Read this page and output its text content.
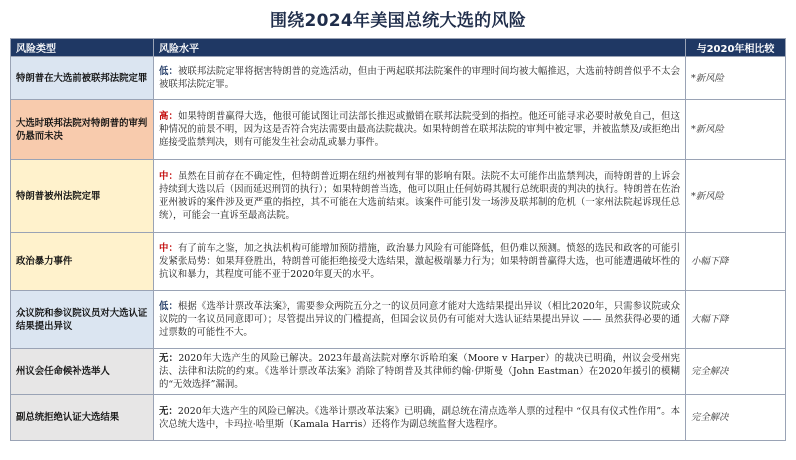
围绕2024年美国总统大选的风险
风险类型	风险水平	与2020年相比较
特朗普在大选前被联邦法院定罪	低：被联邦法院定罪将据害特朗普的竞选活动，但由于两起联邦法院案件的审理时间均被大幅推迟，大选前特朗普似乎不太会被联邦法院定罪。	*新风险
大选时联邦法院对特朗普的审判仍悬而未决	高：如果特朗普赢得大选，他很可能试图让司法部长推迟或撤销在联邦法院受到的指控。他还可能寻求必要时赦免自己，但这种情况的前景不明，因为这是否符合宪法需要由最高法院裁决。如果特朗普在联邦法院的审判中被定罪，并被监禁及/或拒绝出庭接受监禁判决，则有可能发生社会动乱或暴力事件。	*新风险
特朗普被州法院定罪	中：虽然在目前存在不确定性，但特朗普近期在纽约州被判有罪的影响有限。法院不太可能作出监禁判决，而特朗普的上诉会持续到大选以后（因而延迟刑罚的执行）；如果特朗普当选，他可以阻止任何妨碍其履行总统职责的判决的执行。特朗普在佐治亚州被诉的案件涉及更严重的指控，其不可能在大选前结束。该案件可能引发一场涉及联邦制的危机（一家州法院起诉现任总统），可能会一直诉至最高法院。	*新风险
政治暴力事件	中：有了前车之鉴，加之执法机构可能增加预防措施，政治暴力风险有可能降低，但仍难以预测。愤怒的选民和政客的可能引发紧张局势：如果拜登胜出，特朗普可能拒绝接受大选结果，激起极端暴力行为；如果特朗普赢得大选，也可能遭遇破坏性的抗议和暴力，其程度可能不亚于2020年夏天的水平。	小幅下降
众议院和参议院议员对大选认证结果提出异议	低：根据《选举计票改革法案》，需要参众两院五分之一的议员同意才能对大选结果提出异议（相比2020年，只需参议院或众议院的一名议员同意即可）；尽管提出异议的门槛提高，但国会议员仍有可能对大选认证结果提出异议 —— 虽然获得必要的通过票数的可能性不大。	大幅下降
州议会任命候补选举人	无：2020年大选产生的风险已解决。2023年最高法院对摩尔诉哈珀案（Moore v Harper）的裁决已明确，州议会受州宪法、法律和法院的约束。《选举计票改革法案》消除了特朗普及其律师约翰·伊斯曼（John Eastman）在2020年援引的模糊的“无效选择”漏洞。	完全解决
副总统拒绝认证大选结果	无：2020年大选产生的风险已解决。《选举计票改革法案》已明确，副总统在清点选举人票的过程中 “仅具有仪式性作用”。本次总统大选中，卡玛拉·哈里斯（Kamala Harris）还将作为副总统监督大选程序。	完全解决
